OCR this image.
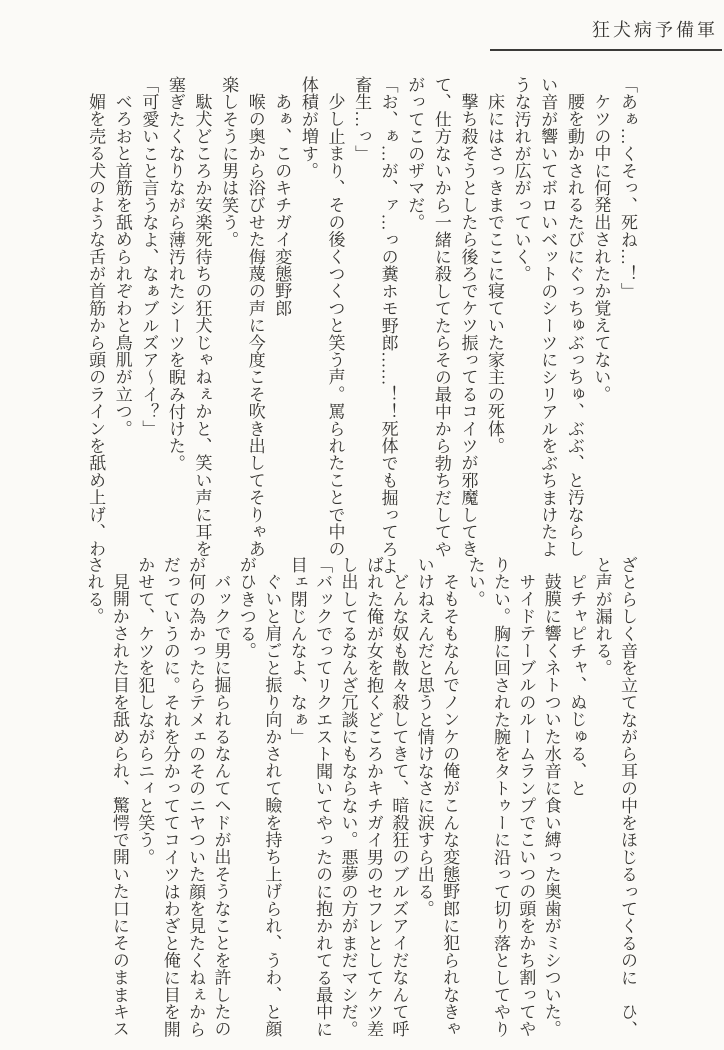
狂犬病予備軍
「あぁ…くそっ、死ね…！」
ケツの中に何発出されたか覚えてない。
腰を動かされるたびにぐっちゅぶっちゅ、ぶぶ、と汚ならし
い音が響いてボロいベットのシーツにシリアルをぶちまけたよ
うな汚れが広がっていく。
床にはさっきまでここに寝ていた家主の死体。
撃ち殺そうとしたら後ろでケツ振ってるコイツが邪魔してき
て、仕方ないから一緒に殺してたらその最中から勃ちだしてや
がってこのザマだ。
「お、ぁ…が、ァ…っの糞ホモ野郎……！！死体でも掘ってろよ
畜生…っ」
少し止まり、その後くつくつと笑う声。罵られたことで中の
体積が増す。
あぁ、このキチガイ変態野郎
喉の奥から浴びせた侮蔑の声に今度こそ吹き出してそりゃあ
楽しそうに男は笑う。
駄犬どころか安楽死待ちの狂犬じゃねぇかと、笑い声に耳を
塞ぎたくなりながら薄汚れたシーツを睨み付けた。
「可愛いこと言うなよ、なぁブルズア～イ？」
べろおと首筋を舐められぞわと鳥肌が立つ。
媚を売る犬のような舌が首筋から頭のラインを舐め上げ、わ
ざとらしく音を立てながら耳の中をほじるってくるのに　ひ、
と声が漏れる。
ピチャピチャ、ぬじゅる、と
鼓膜に響くネトついた水音に食い縛った奥歯がミシついた。
サイドテーブルのルームランプでこいつの頭をかち割ってや
りたい。胸に回された腕をタトゥーに沿って切り落としてやり
たい。
そもそもなんでノンケの俺がこんな変態野郎に犯られなきゃ
いけねえんだと思うと情けなさに涙すら出る。
どんな奴も散々殺してきて、暗殺狂のブルズアイだなんて呼
ばれた俺が女を抱くどころかキチガイ男のセフレとしてケツ差
し出してるなんざ冗談にもならない。悪夢の方がまだマシだ。
「バックでってリクエスト聞いてやったのに抱かれてる最中に
目ェ閉じんなよ、なぁ」
ぐいと肩ごと振り向かされて瞼を持ち上げられ、うわ、と顔
がひきつる。
バックで男に掘られるなんてヘドが出そうなことを許したの
が何の為かったらテメェのそのニヤついた顔を見たくねぇから
だっていうのに。それを分かっててコイツはわざと俺に目を開
かせて、ケツを犯しながらニィと笑う。
見開かされた目を舐められ、驚愕で開いた口にそのままキス
される。
